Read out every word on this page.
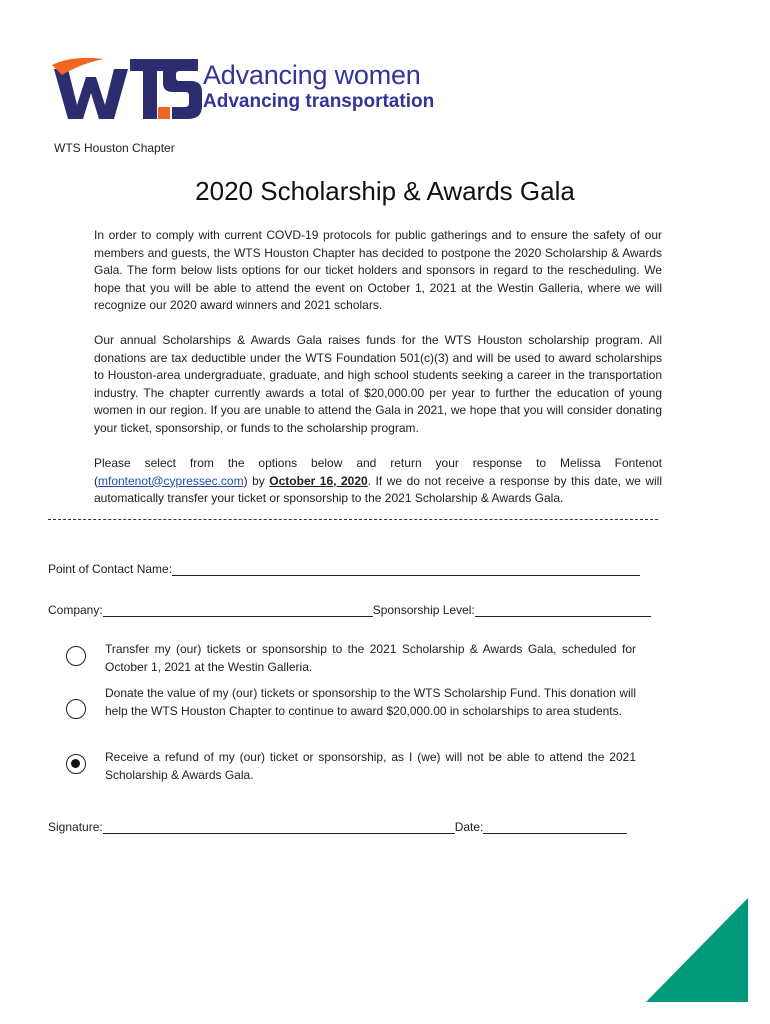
Advancing women
Advancing transportation
WTS Houston Chapter
2020 Scholarship & Awards Gala
In order to comply with current COVD-19 protocols for public gatherings and to ensure the safety of our members and guests, the WTS Houston Chapter has decided to postpone the 2020 Scholarship & Awards Gala. The form below lists options for our ticket holders and sponsors in regard to the rescheduling. We hope that you will be able to attend the event on October 1, 2021 at the Westin Galleria, where we will recognize our 2020 award winners and 2021 scholars.
Our annual Scholarships & Awards Gala raises funds for the WTS Houston scholarship program. All donations are tax deductible under the WTS Foundation 501(c)(3) and will be used to award scholarships to Houston-area undergraduate, graduate, and high school students seeking a career in the transportation industry. The chapter currently awards a total of $20,000.00 per year to further the education of young women in our region. If you are unable to attend the Gala in 2021, we hope that you will consider donating your ticket, sponsorship, or funds to the scholarship program.
Please select from the options below and return your response to Melissa Fontenot (mfontenot@cypressec.com) by October 16, 2020. If we do not receive a response by this date, we will automatically transfer your ticket or sponsorship to the 2021 Scholarship & Awards Gala.
Point of Contact Name:
Company:	Sponsorship Level:
Transfer my (our) tickets or sponsorship to the 2021 Scholarship & Awards Gala, scheduled for October 1, 2021 at the Westin Galleria.
Donate the value of my (our) tickets or sponsorship to the WTS Scholarship Fund. This donation will help the WTS Houston Chapter to continue to award $20,000.00 in scholarships to area students.
Receive a refund of my (our) ticket or sponsorship, as I (we) will not be able to attend the 2021 Scholarship & Awards Gala.
Signature:	Date:
